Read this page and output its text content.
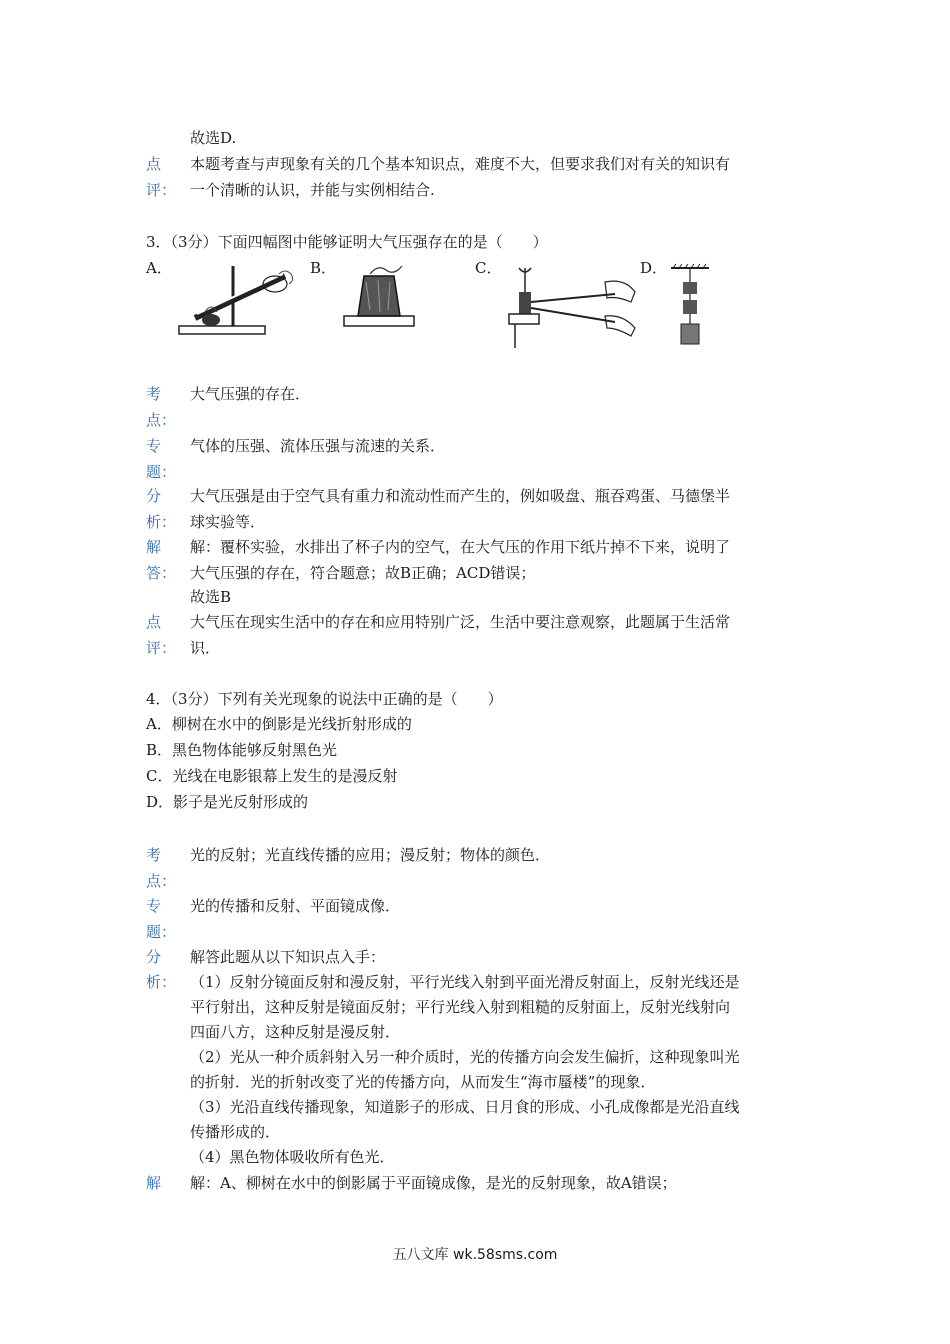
故选D.
点
评：
本题考查与声现象有关的几个基本知识点，难度不大，但要求我们对有关的知识有
一个清晰的认识，并能与实例相结合.
3．（3分）下面四幅图中能够证明大气压强存在的是（　　）
A．	B．	C．	D．
考
点：
大气压强的存在．
专
题：
气体的压强、流体压强与流速的关系．
分
析：
大气压强是由于空气具有重力和流动性而产生的，例如吸盘、瓶吞鸡蛋、马德堡半
球实验等．
解
答：
解：覆杯实验，水排出了杯子内的空气，在大气压的作用下纸片掉不下来，说明了
大气压强的存在，符合题意；故B正确；ACD错误；
故选B
点
评：
大气压在现实生活中的存在和应用特别广泛，生活中要注意观察，此题属于生活常
识．
4．（3分）下列有关光现象的说法中正确的是（　　）
A．柳树在水中的倒影是光线折射形成的
B．黑色物体能够反射黑色光
C．光线在电影银幕上发生的是漫反射
D．影子是光反射形成的
考
点：
光的反射；光直线传播的应用；漫反射；物体的颜色．
专
题：
光的传播和反射、平面镜成像．
分
析：
解答此题从以下知识点入手：
（1）反射分镜面反射和漫反射，平行光线入射到平面光滑反射面上，反射光线还是
平行射出，这种反射是镜面反射；平行光线入射到粗糙的反射面上，反射光线射向
四面八方，这种反射是漫反射．
（2）光从一种介质斜射入另一种介质时，光的传播方向会发生偏折，这种现象叫光
的折射．光的折射改变了光的传播方向，从而发生“海市蜃楼”的现象．
（3）光沿直线传播现象，知道影子的形成、日月食的形成、小孔成像都是光沿直线
传播形成的．
（4）黑色物体吸收所有色光．
解 解：A、柳树在水中的倒影属于平面镜成像，是光的反射现象，故A错误；
五八文库 wk.58sms.com
